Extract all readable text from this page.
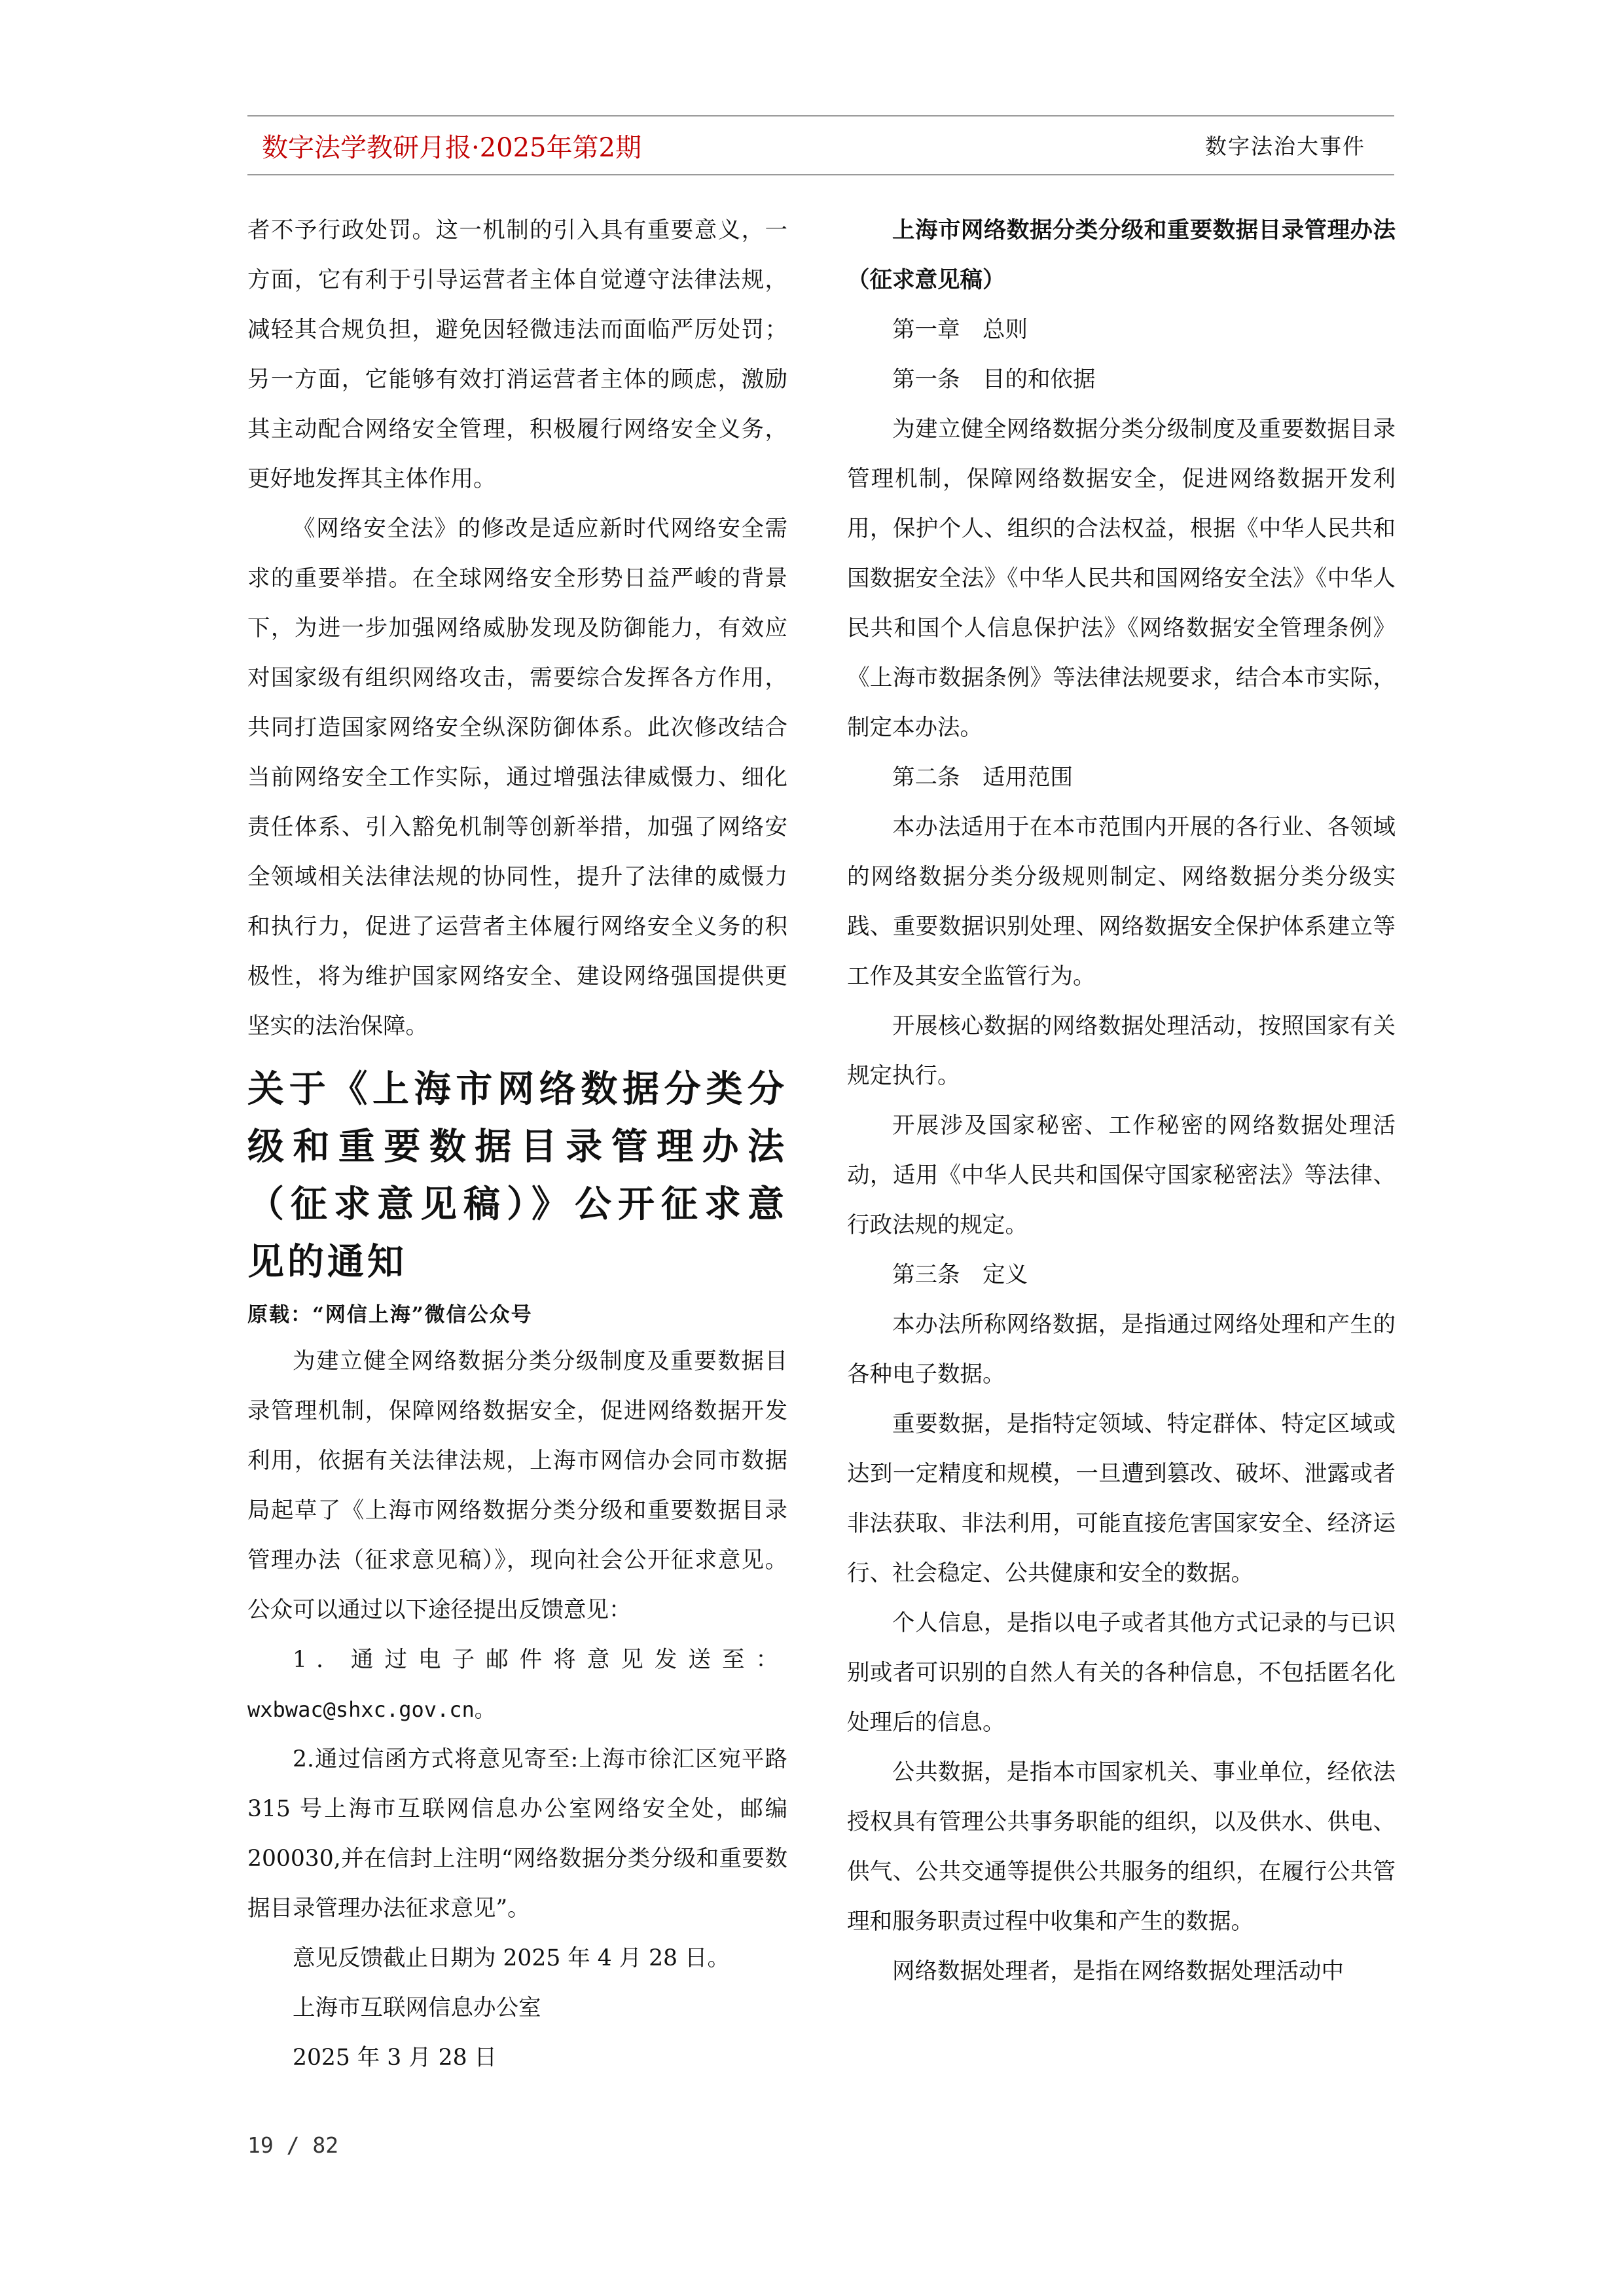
数字法学教研月报·2025年第2期	数字法治大事件

者不予行政处罚。这一机制的引入具有重要意义，一方面，它有利于引导运营者主体自觉遵守法律法规，减轻其合规负担，避免因轻微违法而面临严厉处罚；另一方面，它能够有效打消运营者主体的顾虑，激励其主动配合网络安全管理，积极履行网络安全义务，更好地发挥其主体作用。

《网络安全法》的修改是适应新时代网络安全需求的重要举措。在全球网络安全形势日益严峻的背景下，为进一步加强网络威胁发现及防御能力，有效应对国家级有组织网络攻击，需要综合发挥各方作用，共同打造国家网络安全纵深防御体系。此次修改结合当前网络安全工作实际，通过增强法律威慑力、细化责任体系、引入豁免机制等创新举措，加强了网络安全领域相关法律法规的协同性，提升了法律的威慑力和执行力，促进了运营者主体履行网络安全义务的积极性，将为维护国家网络安全、建设网络强国提供更坚实的法治保障。

关于《上海市网络数据分类分级和重要数据目录管理办法（征求意见稿）》公开征求意见的通知
原载：“网信上海”微信公众号

为建立健全网络数据分类分级制度及重要数据目录管理机制，保障网络数据安全，促进网络数据开发利用，依据有关法律法规，上海市网信办会同市数据局起草了《上海市网络数据分类分级和重要数据目录管理办法（征求意见稿）》，现向社会公开征求意见。公众可以通过以下途径提出反馈意见：

1. 通过电子邮件将意见发送至： wxbwac@shxc.gov.cn。

2.通过信函方式将意见寄至:上海市徐汇区宛平路 315 号上海市互联网信息办公室网络安全处，邮编 200030,并在信封上注明“网络数据分类分级和重要数据目录管理办法征求意见”。

意见反馈截止日期为 2025 年 4 月 28 日。

上海市互联网信息办公室

2025 年 3 月 28 日

上海市网络数据分类分级和重要数据目录管理办法（征求意见稿）

第一章　总则

第一条　目的和依据

为建立健全网络数据分类分级制度及重要数据目录管理机制，保障网络数据安全，促进网络数据开发利用，保护个人、组织的合法权益，根据《中华人民共和国数据安全法》《中华人民共和国网络安全法》《中华人民共和国个人信息保护法》《网络数据安全管理条例》《上海市数据条例》等法律法规要求，结合本市实际，制定本办法。

第二条　适用范围

本办法适用于在本市范围内开展的各行业、各领域的网络数据分类分级规则制定、网络数据分类分级实践、重要数据识别处理、网络数据安全保护体系建立等工作及其安全监管行为。

开展核心数据的网络数据处理活动，按照国家有关规定执行。

开展涉及国家秘密、工作秘密的网络数据处理活动，适用《中华人民共和国保守国家秘密法》等法律、行政法规的规定。

第三条　定义

本办法所称网络数据，是指通过网络处理和产生的各种电子数据。

重要数据，是指特定领域、特定群体、特定区域或达到一定精度和规模，一旦遭到篡改、破坏、泄露或者非法获取、非法利用，可能直接危害国家安全、经济运行、社会稳定、公共健康和安全的数据。

个人信息，是指以电子或者其他方式记录的与已识别或者可识别的自然人有关的各种信息，不包括匿名化处理后的信息。

公共数据，是指本市国家机关、事业单位，经依法授权具有管理公共事务职能的组织，以及供水、供电、供气、公共交通等提供公共服务的组织，在履行公共管理和服务职责过程中收集和产生的数据。

网络数据处理者，是指在网络数据处理活动中

19 / 82
